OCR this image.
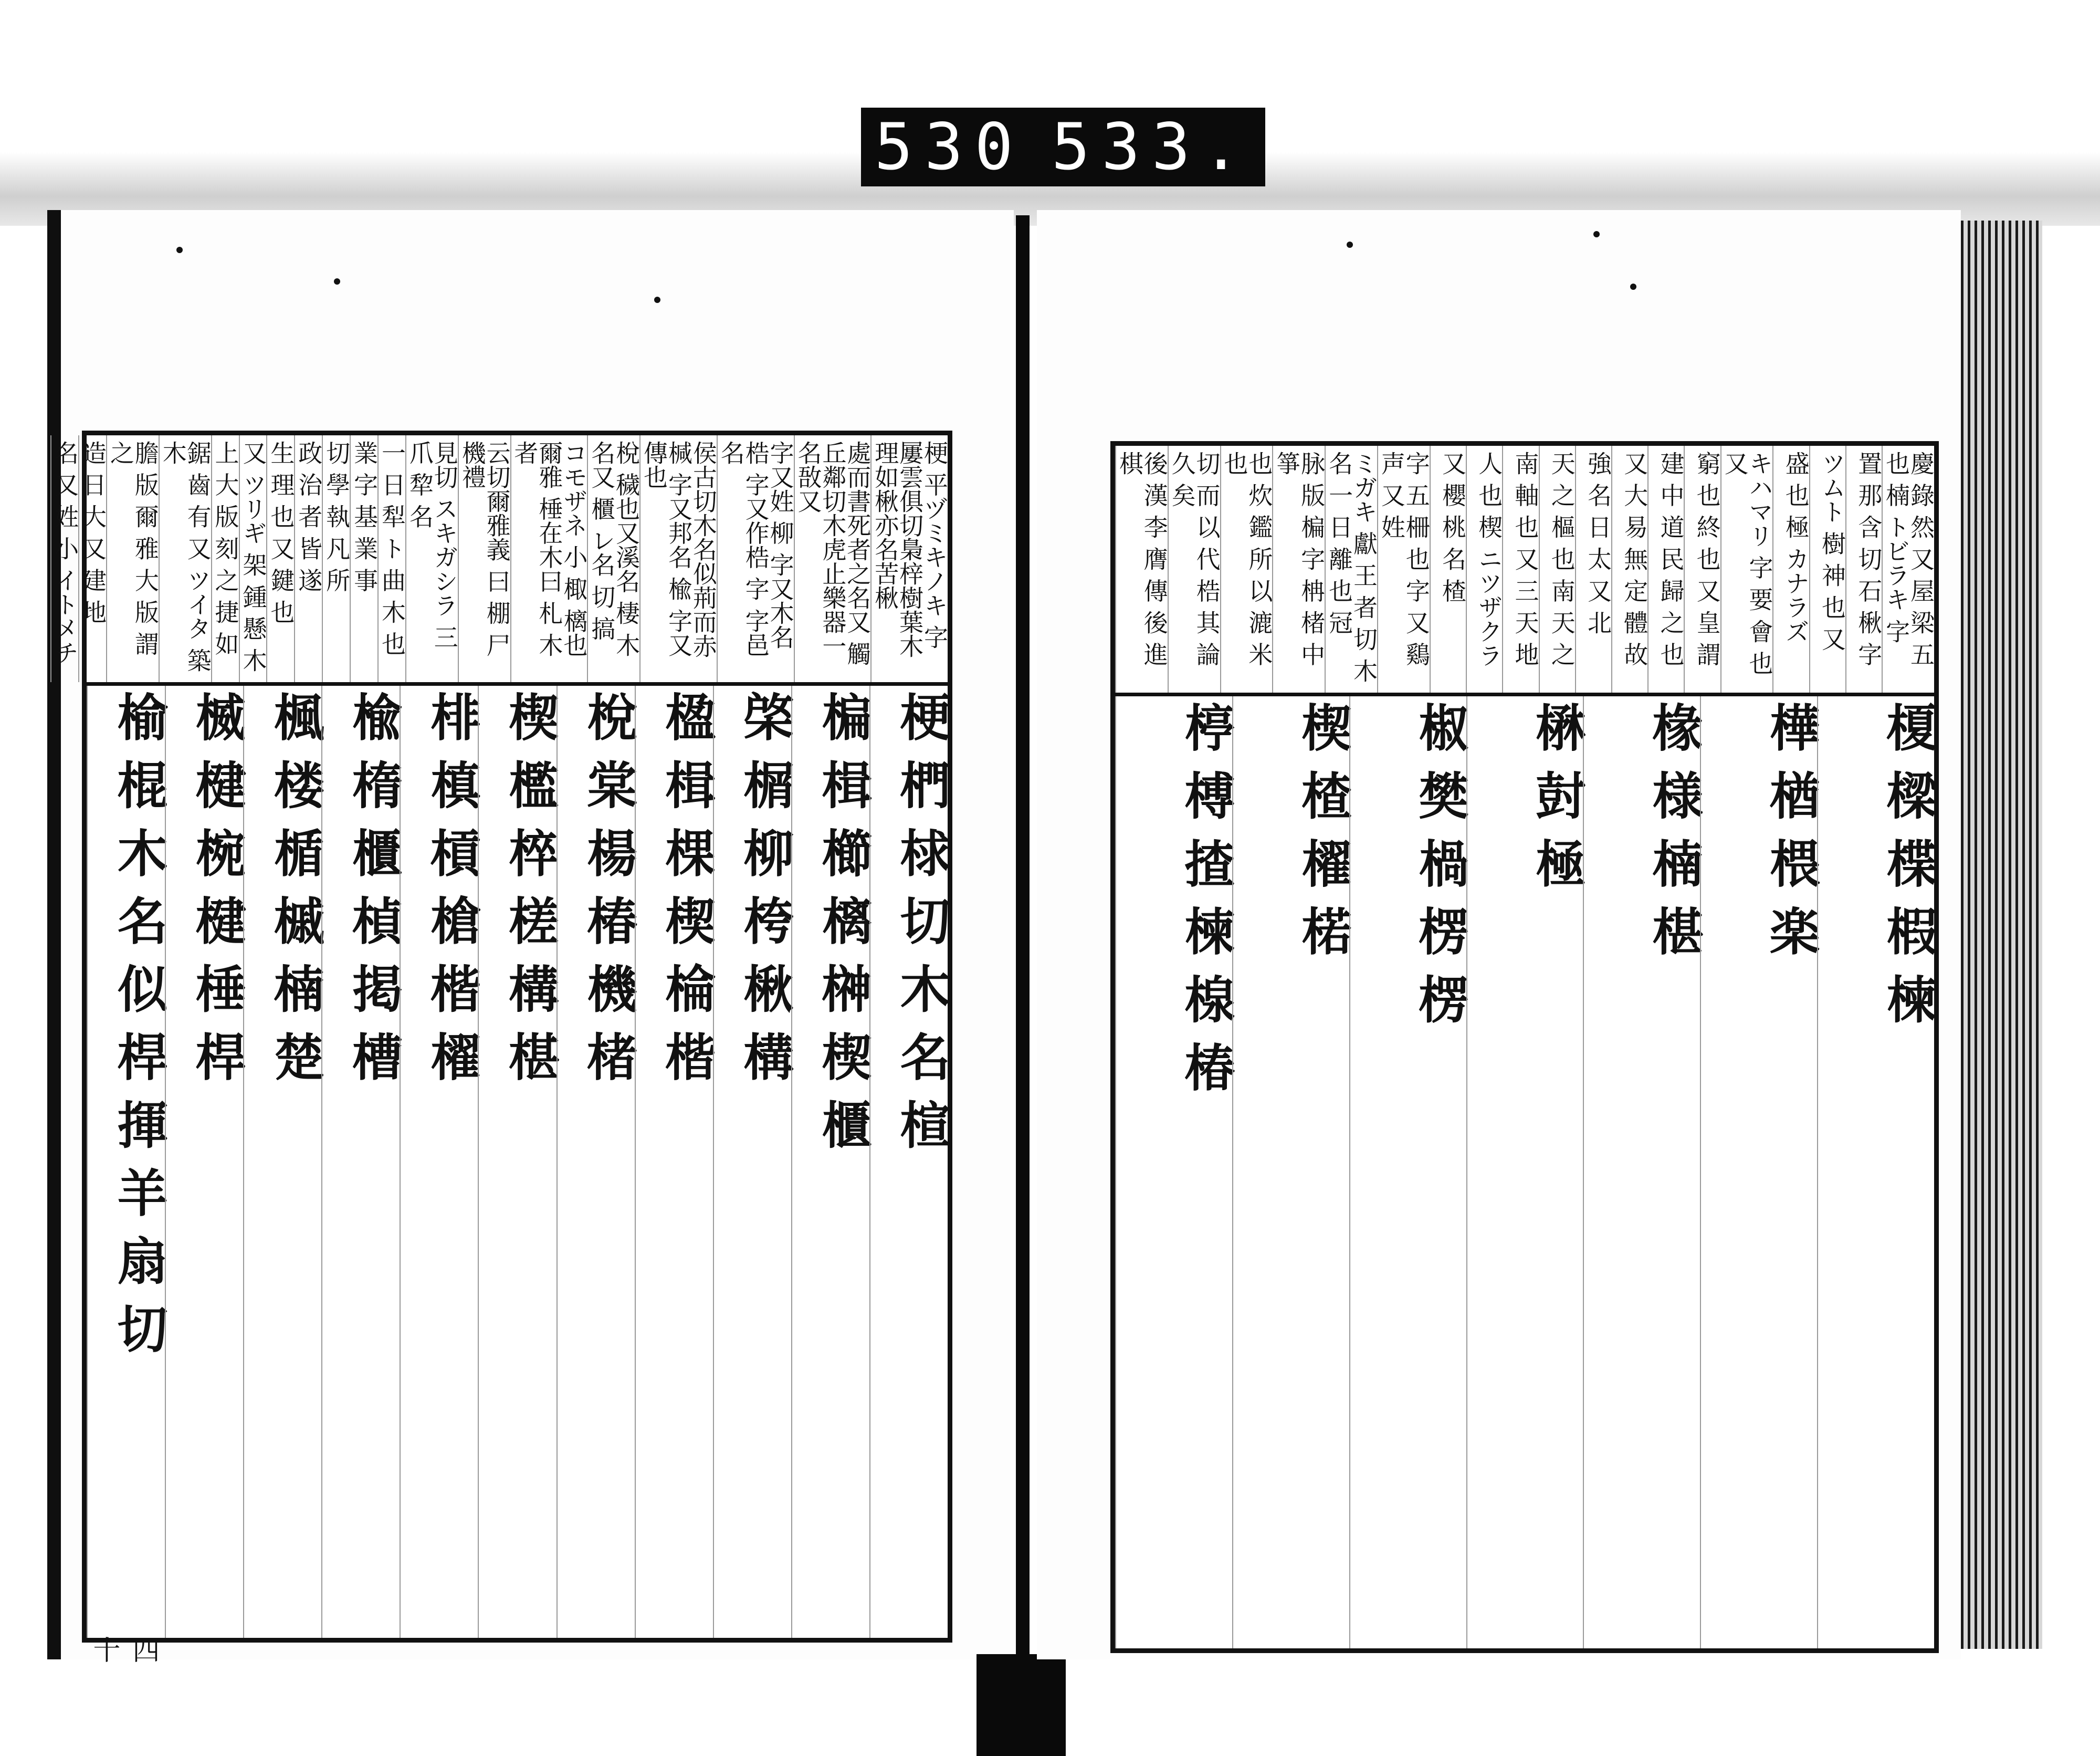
530 533.
梗 平ヅミキノキ 字 屢雲俱切梟梓樹葉木理如楸亦名苦楸
處而書死者之名又 觸丘鄰切木虎止樂器一名敔又
字又姓 柳 字又木名 梏 字又作梏 字 字邑名
侯古切木名似荊而赤 椷 字又邦名 楡 字又傳也
梲 穢也又溪名 棲 木名又 櫃 レ名 切 搞
コモザネ 小 棷 樆也爾雅 棰在木曰 札 木者
云切爾雅義 曰 棚 尸 機禮
見切 スキガシラ 三 爪 犂 名
一 日 犁 ト 曲 木 也
業 字 基 業 事
切 學 執 凡 所
政 治 者 皆 遂
生 理 也 又 鍵 也
又 ツリギ 架 鍾 懸 木
上 大 版 刻 之 捷 如
鋸 齒 有 又 ツイタ 築 木
膽 版 爾 雅 大 版 謂 之
造 日 大 又 建 地
名 又 姓 小 イトメチ
梗 椚 梂 切 木 名 楦
楄 楫 櫛 樆 榊 楔 櫃
棨 榍 柳 桍 楸 構
楹 楫 棵 楔 棆 楷
梲 棠 楊 椿 機 楮
楔 檻 椊 槎 構 椹
棑 槙 槓 槍 楷 櫂
楡 楕 櫃 楨 掲 槽
楓 楼 楯 槭 楠 楚
楲 楗 椀 楗 棰 桿
榆 棍 木 名 似 桿 揮 羊 扇 切
四十
慶 錄 然 又 屋 梁 五 也 楠 トビラキ 字
置 那 含 切 石 楸 字
ツムト 樹 神 也 又
盛 也 極 カナラズ
キハマリ 字 要 會 也 又
窮 也 終 也 又 皇 謂
建 中 道 民 歸 之 也
又 大 易 無 定 體 故
強 名 日 太 又 北
天 之 樞 也 南 天 之
南 軸 也 又 三 天 地
人 也 楔 ニツザクラ
又 櫻 桃 名 楂
字 五 柵 也 字 又 鷄 声 又 姓
ミガキ 獻 王 者 切 木 名 一 日 離 也 冠
脉 版 楄 字 柟 楮 中 箏
也 炊 鑑 所 以 漉 米 也
切 而 以 代 梏 其 論 久 矣
後 漢 李 膺 傳 後 進 棋
榎 樑 楪 椵 楝
樺 楢 椳 楽
椽 様 楠 椹
楙 尌 極
椒 樊 楇 楞 楞
楔 楂 櫂 楉
楟 榑 揸 楝 楾 椿
